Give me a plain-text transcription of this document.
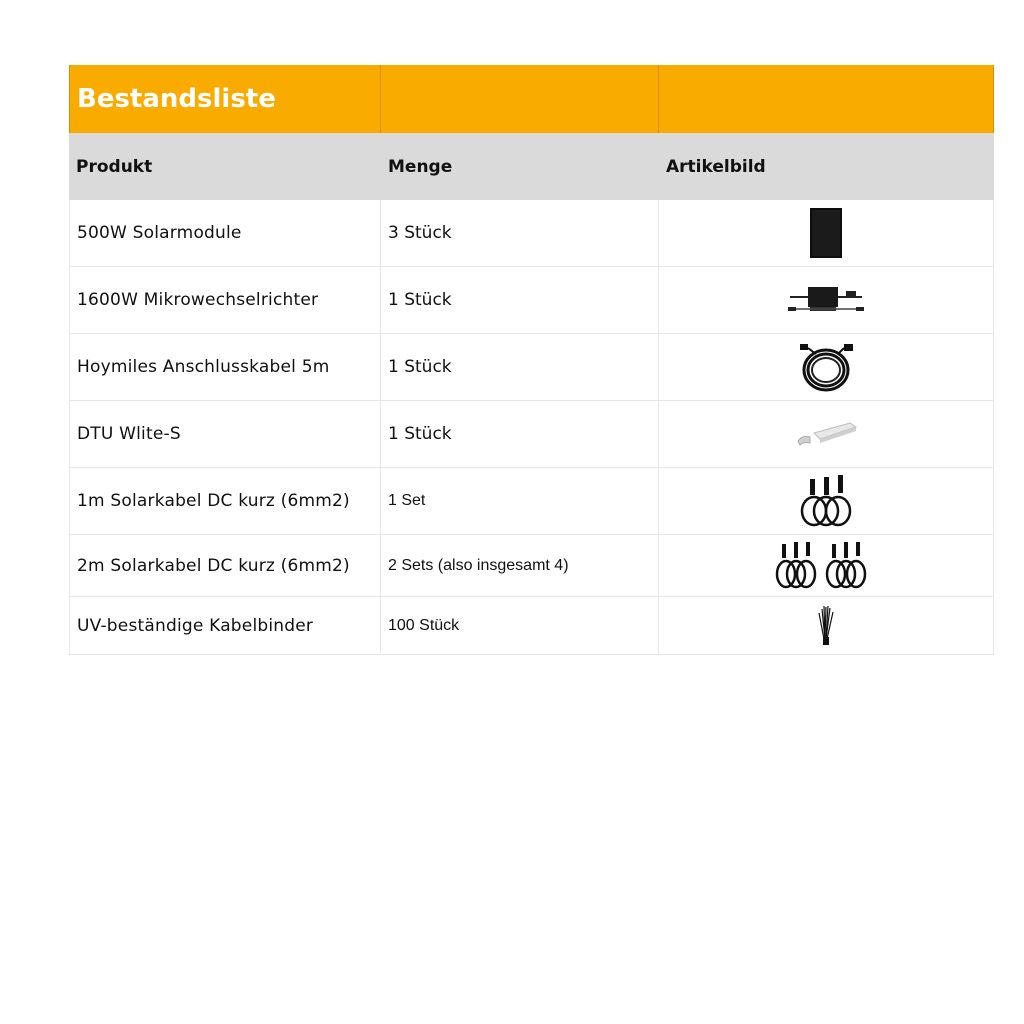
Bestandsliste
Produkt	Menge	Artikelbild
500W Solarmodule	3 Stück
1600W Mikrowechselrichter	1 Stück
Hoymiles Anschlusskabel 5m	1 Stück
DTU Wlite-S	1 Stück
1m Solarkabel DC kurz (6mm2)	1 Set
2m Solarkabel DC kurz (6mm2)	2 Sets (also insgesamt 4)
UV-beständige Kabelbinder	100 Stück
